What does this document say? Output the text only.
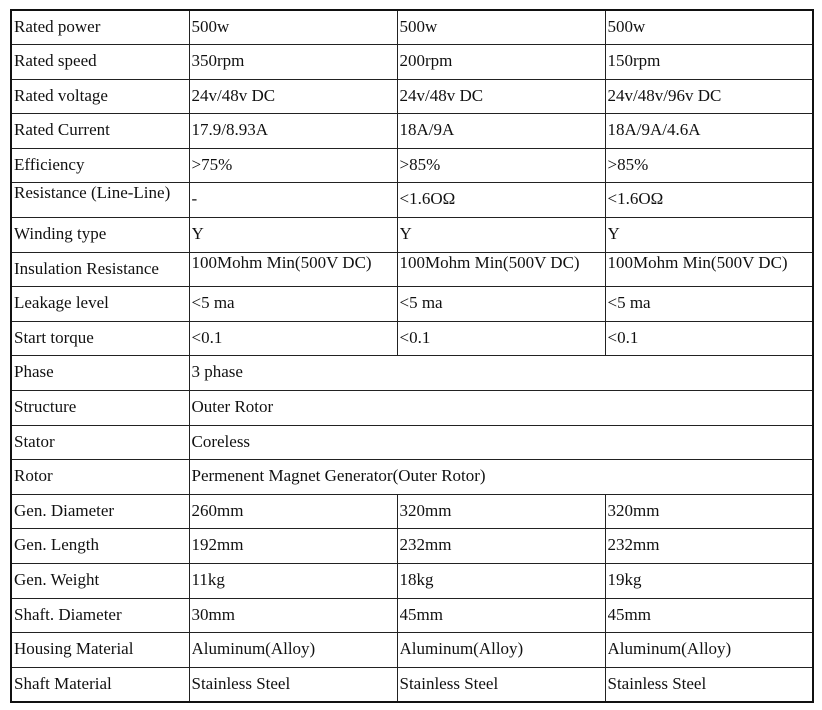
Rated power	500w	500w	500w

Rated speed	350rpm	200rpm	150rpm

Rated voltage	24v/48v DC	24v/48v DC	24v/48v/96v DC

Rated Current	17.9/8.93A	18A/9A	18A/9A/4.6A

Efficiency	>75%	>85%	>85%

Resistance (Line-Line)	-	<1.6OΩ	<1.6OΩ

Winding type	Y	Y	Y

Insulation Resistance	100Mohm Min(500V DC)	100Mohm Min(500V DC)	100Mohm Min(500V DC)

Leakage level	<5 ma	<5 ma	<5 ma

Start torque	<0.1	<0.1	<0.1

Phase	3 phase		

Structure	Outer Rotor		

Stator	Coreless		

Rotor	Permenent Magnet Generator(Outer Rotor)		

Gen. Diameter	260mm	320mm	320mm

Gen. Length	192mm	232mm	232mm

Gen. Weight	11kg	18kg	19kg

Shaft. Diameter	30mm	45mm	45mm

Housing Material	Aluminum(Alloy)	Aluminum(Alloy)	Aluminum(Alloy)

Shaft Material	Stainless Steel	Stainless Steel	Stainless Steel
